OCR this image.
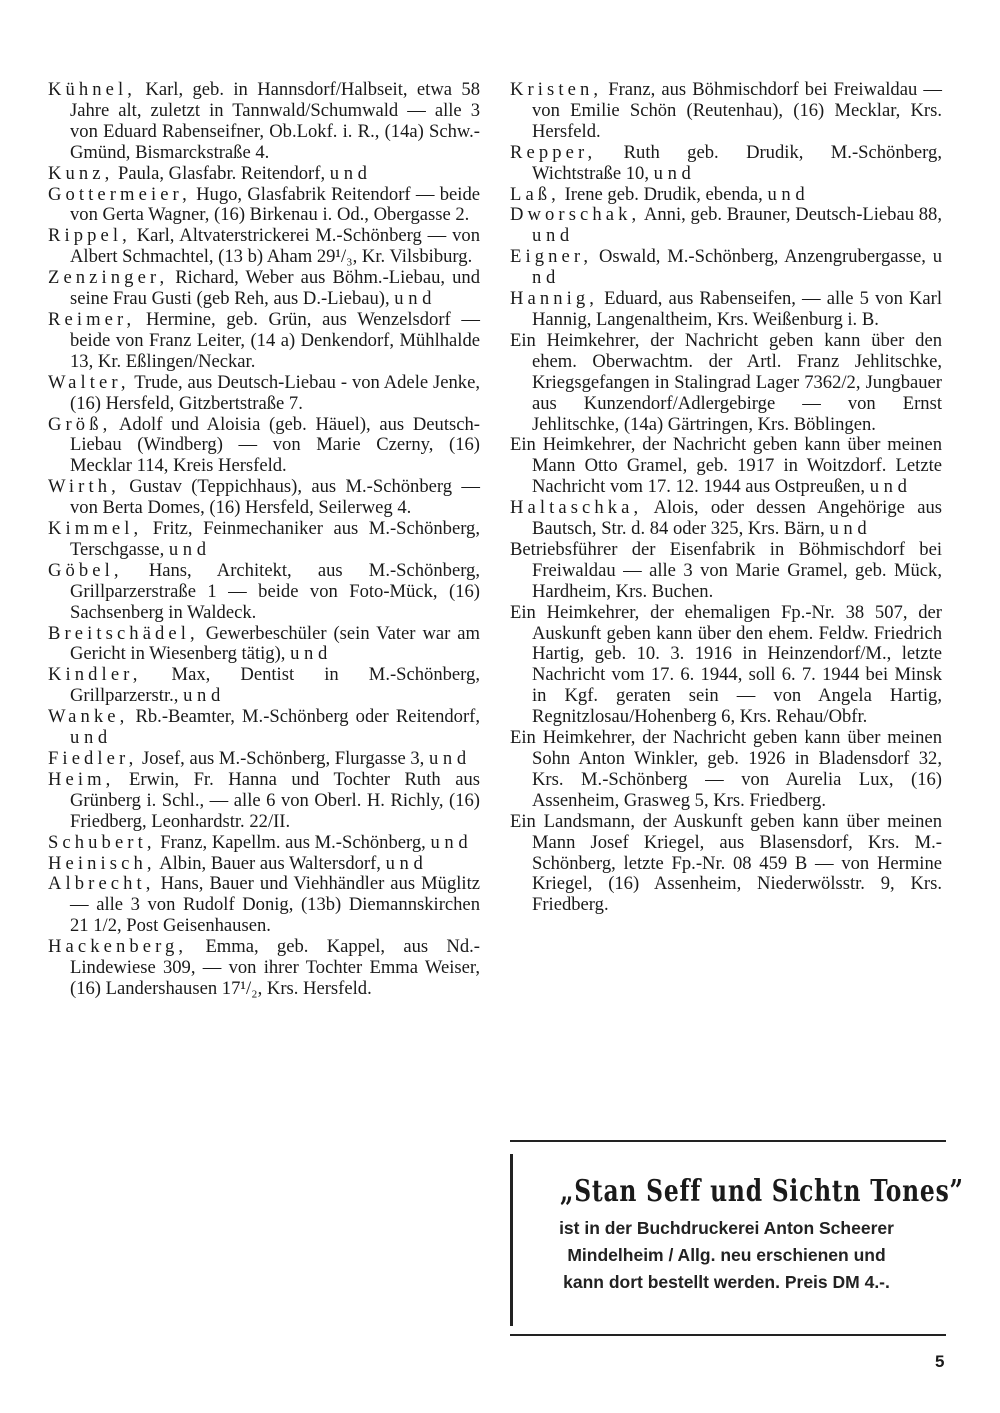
Kühnel, Karl, geb. in Hannsdorf/Halbseit, etwa 58 Jahre alt, zuletzt in Tannwald/Schumwald — alle 3 von Eduard Rabenseifner, Ob.Lokf. i. R., (14a) Schw.-Gmünd, Bismarckstraße 4.
Kunz, Paula, Glasfabr. Reitendorf, u n d
Gottermeier, Hugo, Glasfabrik Reitendorf — beide von Gerta Wagner, (16) Birkenau i. Od., Obergasse 2.
Rippel, Karl, Altvaterstrickerei M.-Schönberg — von Albert Schmachtel, (13 b) Aham 29¹/₃, Kr. Vilsbiburg.
Zenzinger, Richard, Weber aus Böhm.-Liebau, und seine Frau Gusti (geb Reh, aus D.-Liebau), u n d
Reimer, Hermine, geb. Grün, aus Wenzelsdorf — beide von Franz Leiter, (14 a) Denkendorf, Mühlhalde 13, Kr. Eßlingen/Neckar.
Walter, Trude, aus Deutsch-Liebau - von Adele Jenke, (16) Hersfeld, Gitzbertstraße 7.
Größ, Adolf und Aloisia (geb. Häuel), aus Deutsch-Liebau (Windberg) — von Marie Czerny, (16) Mecklar 114, Kreis Hersfeld.
Wirth, Gustav (Teppichhaus), aus M.-Schönberg — von Berta Domes, (16) Hersfeld, Seilerweg 4.
Kimmel, Fritz, Feinmechaniker aus M.-Schönberg, Terschgasse, u n d
Göbel, Hans, Architekt, aus M.-Schönberg, Grillparzerstraße 1 — beide von Foto-Mück, (16) Sachsenberg in Waldeck.
Breitschädel, Gewerbeschüler (sein Vater war am Gericht in Wiesenberg tätig), u n d
Kindler, Max, Dentist in M.-Schönberg, Grillparzerstr., u n d
Wanke, Rb.-Beamter, M.-Schönberg oder Reitendorf, u n d
Fiedler, Josef, aus M.-Schönberg, Flurgasse 3, u n d
Heim, Erwin, Fr. Hanna und Tochter Ruth aus Grünberg i. Schl., — alle 6 von Oberl. H. Richly, (16) Friedberg, Leonhardstr. 22/II.
Schubert, Franz, Kapellm. aus M.-Schönberg, u n d
Heinisch, Albin, Bauer aus Waltersdorf, u n d
Albrecht, Hans, Bauer und Viehhändler aus Müglitz — alle 3 von Rudolf Donig, (13b) Diemannskirchen 21 1/2, Post Geisenhausen.
Hackenberg, Emma, geb. Kappel, aus Nd.-Lindewiese 309, — von ihrer Tochter Emma Weiser, (16) Landershausen 17¹/₂, Krs. Hersfeld.
Kristen, Franz, aus Böhmischdorf bei Freiwaldau — von Emilie Schön (Reutenhau), (16) Mecklar, Krs. Hersfeld.
Repper, Ruth geb. Drudik, M.-Schönberg, Wichtstraße 10, u n d
Laß, Irene geb. Drudik, ebenda, u n d
Dworschak, Anni, geb. Brauner, Deutsch-Liebau 88, u n d
Eigner, Oswald, M.-Schönberg, Anzengrubergasse, u n d
Hannig, Eduard, aus Rabenseifen, — alle 5 von Karl Hannig, Langenaltheim, Krs. Weißenburg i. B.
Ein Heimkehrer, der Nachricht geben kann über den ehem. Oberwachtm. der Artl. Franz Jehlitschke, Kriegsgefangen in Stalingrad Lager 7362/2, Jungbauer aus Kunzendorf/Adlergebirge — von Ernst Jehlitschke, (14a) Gärtringen, Krs. Böblingen.
Ein Heimkehrer, der Nachricht geben kann über meinen Mann Otto Gramel, geb. 1917 in Woitzdorf. Letzte Nachricht vom 17. 12. 1944 aus Ostpreußen, u n d
Haltaschka, Alois, oder dessen Angehörige aus Bautsch, Str. d. 84 oder 325, Krs. Bärn, u n d
Betriebsführer der Eisenfabrik in Böhmischdorf bei Freiwaldau — alle 3 von Marie Gramel, geb. Mück, Hardheim, Krs. Buchen.
Ein Heimkehrer, der ehemaligen Fp.-Nr. 38 507, der Auskunft geben kann über den ehem. Feldw. Friedrich Hartig, geb. 10. 3. 1916 in Heinzendorf/M., letzte Nachricht vom 17. 6. 1944, soll 6. 7. 1944 bei Minsk in Kgf. geraten sein — von Angela Hartig, Regnitzlosau/Hohenberg 6, Krs. Rehau/Obfr.
Ein Heimkehrer, der Nachricht geben kann über meinen Sohn Anton Winkler, geb. 1926 in Bladensdorf 32, Krs. M.-Schönberg — von Aurelia Lux, (16) Assenheim, Grasweg 5, Krs. Friedberg.
Ein Landsmann, der Auskunft geben kann über meinen Mann Josef Kriegel, aus Blasensdorf, Krs. M.-Schönberg, letzte Fp.-Nr. 08 459 B — von Hermine Kriegel, (16) Assenheim, Niederwölsstr. 9, Krs. Friedberg.
„Stan Seff und Sichtn Tones”
ist in der Buchdruckerei Anton Scheerer
Mindelheim / Allg. neu erschienen und
kann dort bestellt werden. Preis DM 4.-.
5
